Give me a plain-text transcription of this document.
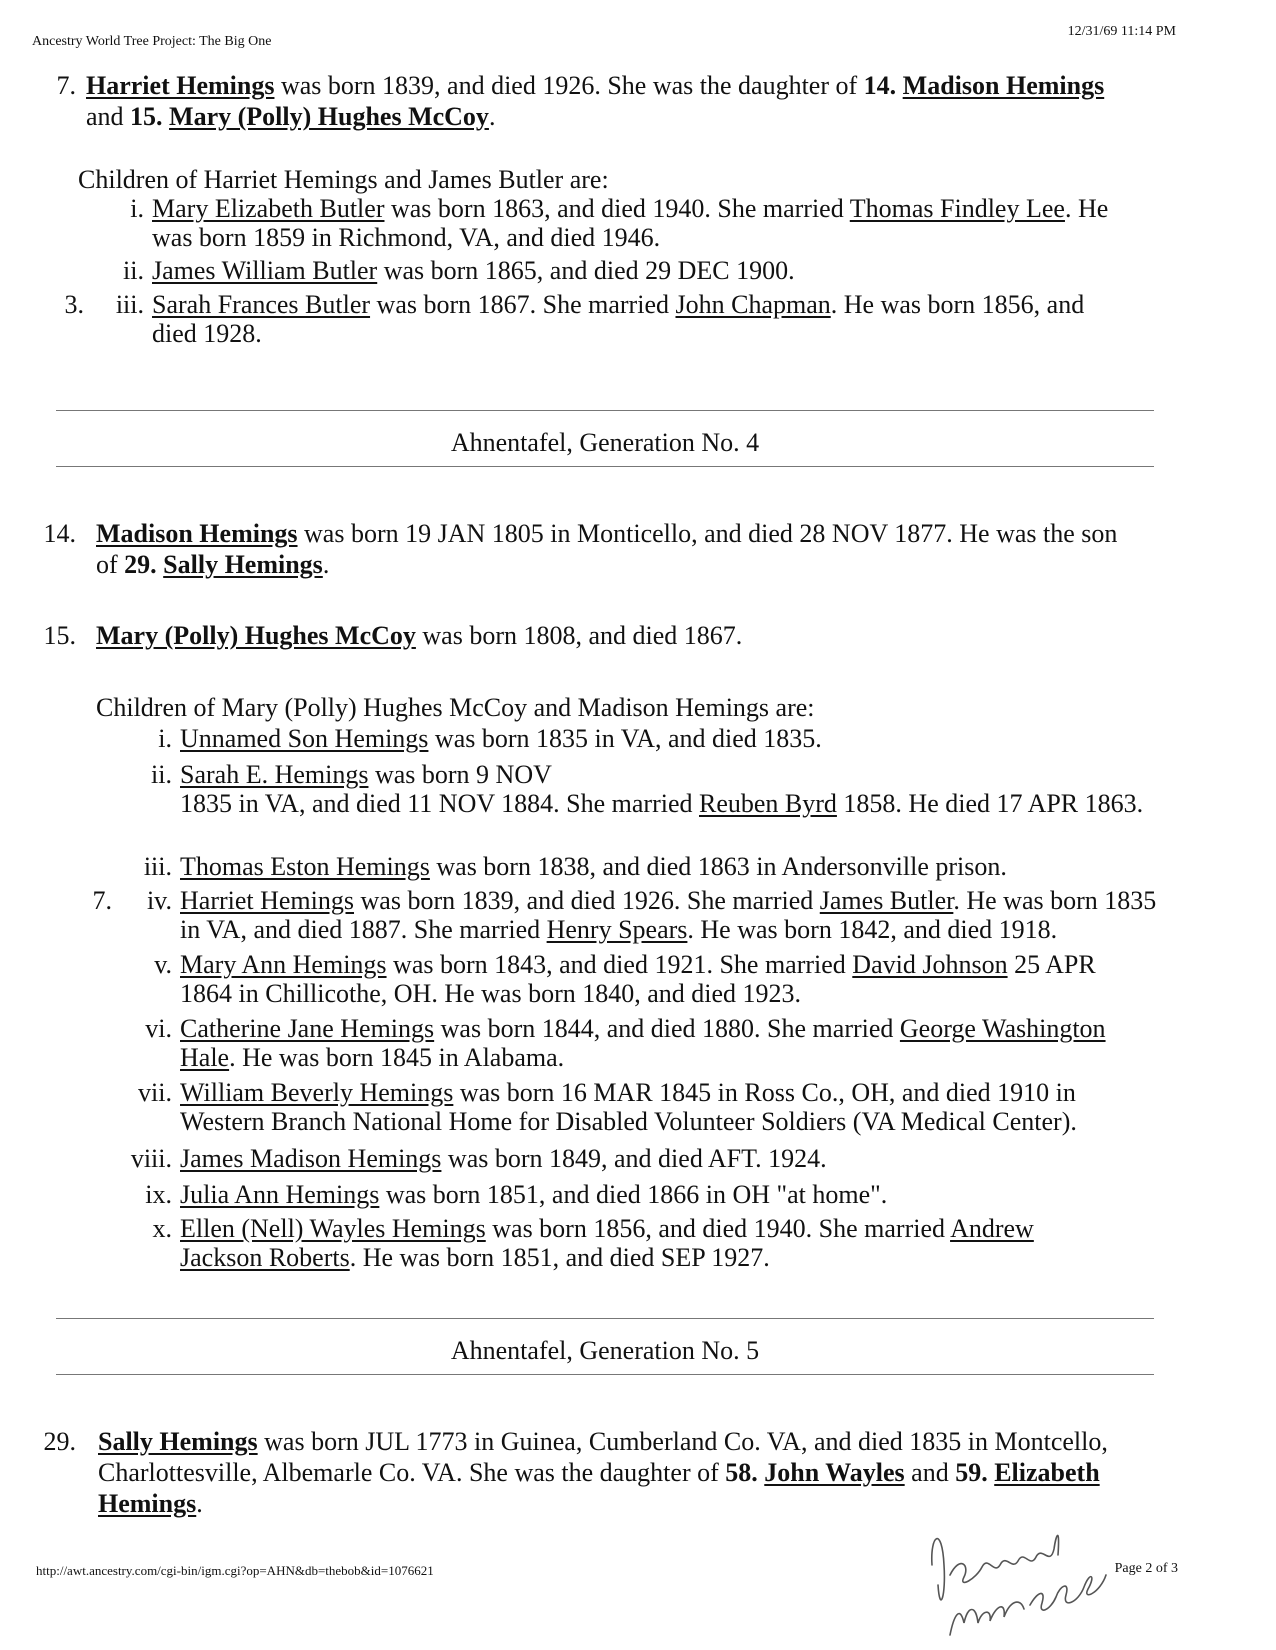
Ancestry World Tree Project: The Big One
12/31/69 11:14 PM
7. Harriet Hemings was born 1839, and died 1926. She was the daughter of 14. Madison Hemings and 15. Mary (Polly) Hughes McCoy.
Children of Harriet Hemings and James Butler are:
i. Mary Elizabeth Butler was born 1863, and died 1940. She married Thomas Findley Lee. He was born 1859 in Richmond, VA, and died 1946.
ii. James William Butler was born 1865, and died 29 DEC 1900.
3.	iii. Sarah Frances Butler was born 1867. She married John Chapman. He was born 1856, and died 1928.
Ahnentafel, Generation No. 4
14. Madison Hemings was born 19 JAN 1805 in Monticello, and died 28 NOV 1877. He was the son of 29. Sally Hemings.
15. Mary (Polly) Hughes McCoy was born 1808, and died 1867.
Children of Mary (Polly) Hughes McCoy and Madison Hemings are:
i. Unnamed Son Hemings was born 1835 in VA, and died 1835.
ii. Sarah E. Hemings was born 9 NOV
1835 in VA, and died 11 NOV 1884. She married Reuben Byrd 1858. He died 17 APR 1863.
iii. Thomas Eston Hemings was born 1838, and died 1863 in Andersonville prison.
7.	iv. Harriet Hemings was born 1839, and died 1926. She married James Butler. He was born 1835 in VA, and died 1887. She married Henry Spears. He was born 1842, and died 1918.
v. Mary Ann Hemings was born 1843, and died 1921. She married David Johnson 25 APR 1864 in Chillicothe, OH. He was born 1840, and died 1923.
vi. Catherine Jane Hemings was born 1844, and died 1880. She married George Washington Hale. He was born 1845 in Alabama.
vii. William Beverly Hemings was born 16 MAR 1845 in Ross Co., OH, and died 1910 in Western Branch National Home for Disabled Volunteer Soldiers (VA Medical Center).
viii. James Madison Hemings was born 1849, and died AFT. 1924.
ix. Julia Ann Hemings was born 1851, and died 1866 in OH "at home".
x. Ellen (Nell) Wayles Hemings was born 1856, and died 1940. She married Andrew Jackson Roberts. He was born 1851, and died SEP 1927.
Ahnentafel, Generation No. 5
29. Sally Hemings was born JUL 1773 in Guinea, Cumberland Co. VA, and died 1835 in Montcello, Charlottesville, Albemarle Co. VA. She was the daughter of 58. John Wayles and 59. Elizabeth Hemings.
http://awt.ancestry.com/cgi-bin/igm.cgi?op=AHN&db=thebob&id=1076621	Page 2 of 3
